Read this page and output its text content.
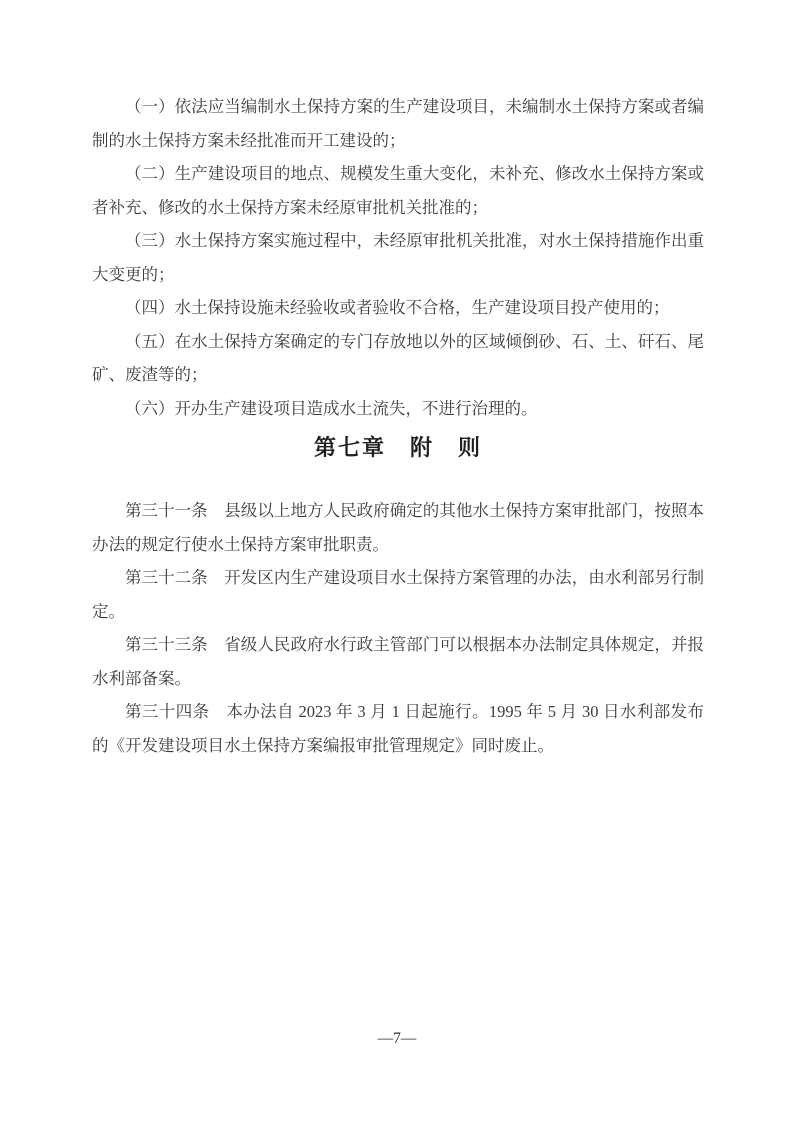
（一）依法应当编制水土保持方案的生产建设项目，未编制水土保持方案或者编制的水土保持方案未经批准而开工建设的；

（二）生产建设项目的地点、规模发生重大变化，未补充、修改水土保持方案或者补充、修改的水土保持方案未经原审批机关批准的；

（三）水土保持方案实施过程中，未经原审批机关批准，对水土保持措施作出重大变更的；

（四）水土保持设施未经验收或者验收不合格，生产建设项目投产使用的；

（五）在水土保持方案确定的专门存放地以外的区域倾倒砂、石、土、矸石、尾矿、废渣等的；

（六）开办生产建设项目造成水土流失，不进行治理的。

第七章　附　则

第三十一条　县级以上地方人民政府确定的其他水土保持方案审批部门，按照本办法的规定行使水土保持方案审批职责。

第三十二条　开发区内生产建设项目水土保持方案管理的办法，由水利部另行制定。

第三十三条　省级人民政府水行政主管部门可以根据本办法制定具体规定，并报水利部备案。

第三十四条　本办法自 2023 年 3 月 1 日起施行。1995 年 5 月 30 日水利部发布的《开发建设项目水土保持方案编报审批管理规定》同时废止。

—7—
